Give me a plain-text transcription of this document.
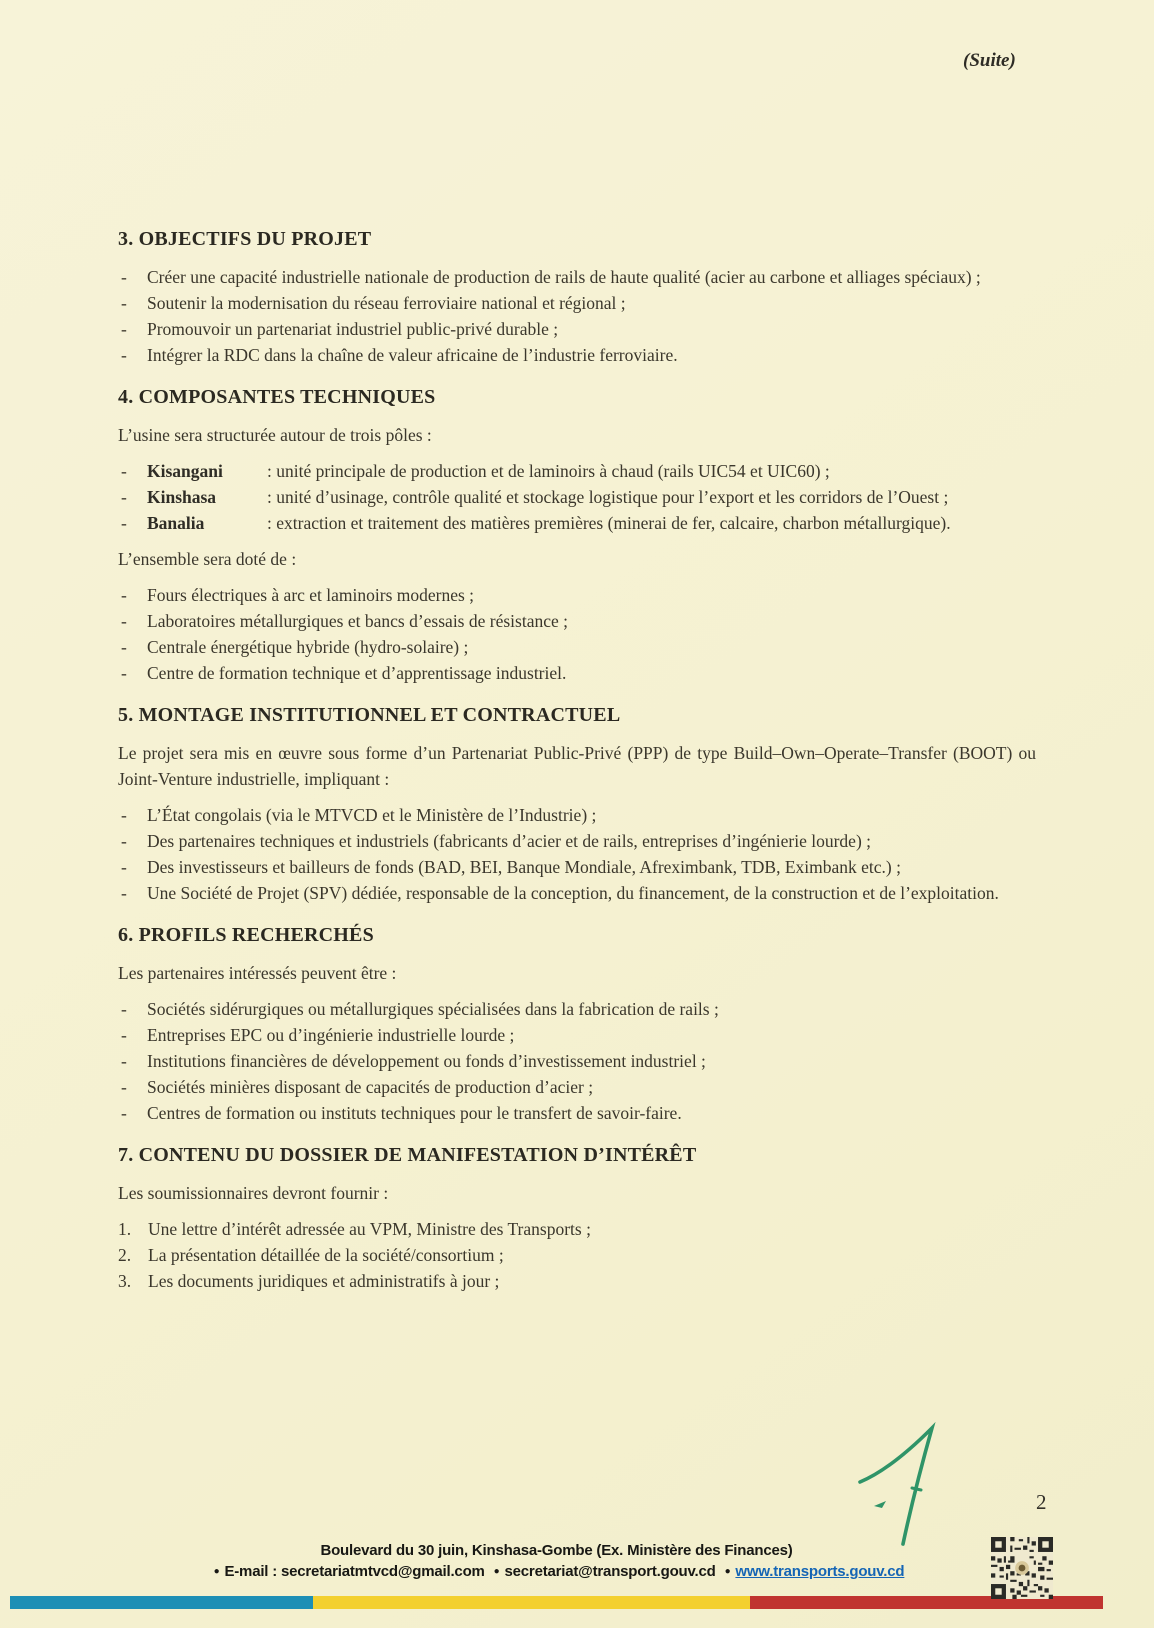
(Suite)
3. OBJECTIFS DU PROJET
-	Créer une capacité industrielle nationale de production de rails de haute qualité (acier au carbone et alliages spéciaux) ;
-	Soutenir la modernisation du réseau ferroviaire national et régional ;
-	Promouvoir un partenariat industriel public-privé durable ;
-	Intégrer la RDC dans la chaîne de valeur africaine de l’industrie ferroviaire.
4. COMPOSANTES TECHNIQUES

L’usine sera structurée autour de trois pôles :

-	Kisangani	: unité principale de production et de laminoirs à chaud (rails UIC54 et UIC60) ;
-	Kinshasa	: unité d’usinage, contrôle qualité et stockage logistique pour l’export et les corridors de l’Ouest ;
-	Banalia	: extraction et traitement des matières premières (minerai de fer, calcaire, charbon métallurgique).

L’ensemble sera doté de :

-	Fours électriques à arc et laminoirs modernes ;
-	Laboratoires métallurgiques et bancs d’essais de résistance ;
-	Centrale énergétique hybride (hydro-solaire) ;
-	Centre de formation technique et d’apprentissage industriel.
5. MONTAGE INSTITUTIONNEL ET CONTRACTUEL

Le projet sera mis en œuvre sous forme d’un Partenariat Public-Privé (PPP) de type Build–Own–Operate–Transfer (BOOT) ou Joint-Venture industrielle, impliquant :

-	L’État congolais (via le MTVCD et le Ministère de l’Industrie) ;
-	Des partenaires techniques et industriels (fabricants d’acier et de rails, entreprises d’ingénierie lourde) ;
-	Des investisseurs et bailleurs de fonds (BAD, BEI, Banque Mondiale, Afreximbank, TDB, Eximbank etc.) ;
-	Une Société de Projet (SPV) dédiée, responsable de la conception, du financement, de la construction et de l’exploitation.
6. PROFILS RECHERCHÉS

Les partenaires intéressés peuvent être :

-	Sociétés sidérurgiques ou métallurgiques spécialisées dans la fabrication de rails ;
-	Entreprises EPC ou d’ingénierie industrielle lourde ;
-	Institutions financières de développement ou fonds d’investissement industriel ;
-	Sociétés minières disposant de capacités de production d’acier ;
-	Centres de formation ou instituts techniques pour le transfert de savoir-faire.
7. CONTENU DU DOSSIER DE MANIFESTATION D’INTÉRÊT

Les soumissionnaires devront fournir :

1. Une lettre d’intérêt adressée au VPM, Ministre des Transports ;
2. La présentation détaillée de la société/consortium ;
3. Les documents juridiques et administratifs à jour ;
2
Boulevard du 30 juin, Kinshasa-Gombe (Ex. Ministère des Finances)
● E-mail : secretariatmtvcd@gmail.com ● secretariat@transport.gouv.cd ● www.transports.gouv.cd
